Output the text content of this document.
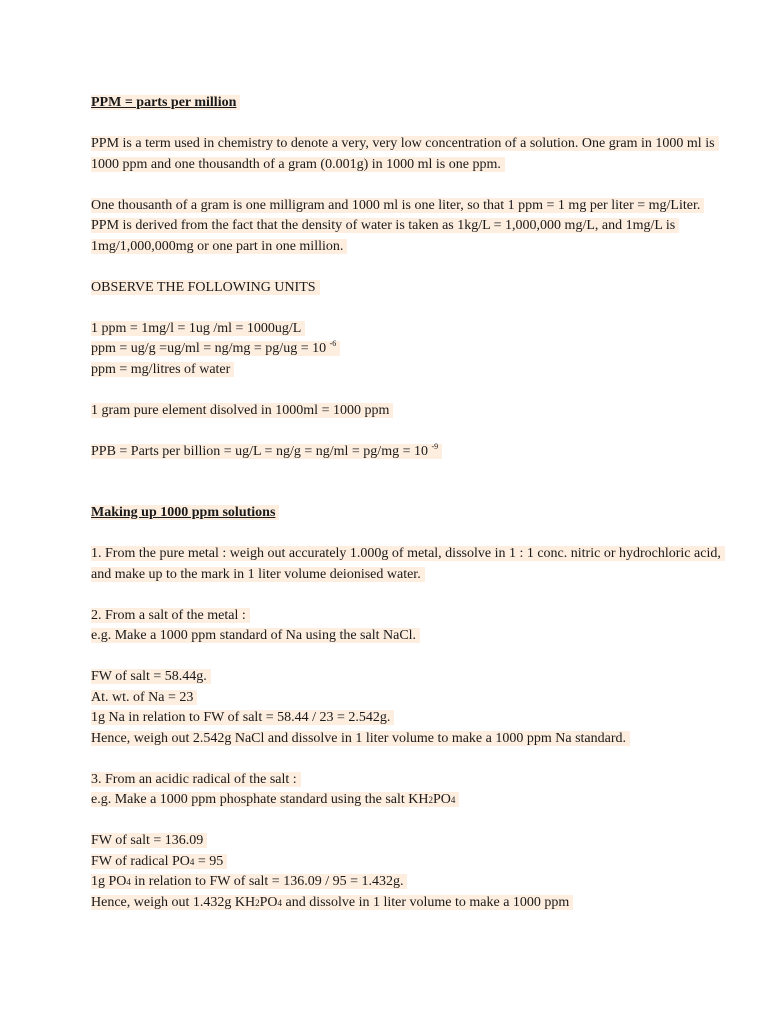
PPM = parts per million

PPM is a term used in chemistry to denote a very, very low concentration of a solution. One gram in 1000 ml is 1000 ppm and one thousandth of a gram (0.001g) in 1000 ml is one ppm.

One thousanth of a gram is one milligram and 1000 ml is one liter, so that 1 ppm = 1 mg per liter = mg/Liter.

PPM is derived from the fact that the density of water is taken as 1kg/L = 1,000,000 mg/L, and 1mg/L is 1mg/1,000,000mg or one part in one million.

OBSERVE THE FOLLOWING UNITS

1 ppm = 1mg/l = 1ug /ml = 1000ug/L

ppm = ug/g =ug/ml = ng/mg = pg/ug = 10 $^{-6}$

ppm = mg/litres of water

1 gram pure element disolved in 1000ml = 1000 ppm

PPB = Parts per billion = ug/L = ng/g = ng/ml = pg/mg = 10 $^{-9}$

Making up 1000 ppm solutions

1. From the pure metal : weigh out accurately 1.000g of metal, dissolve in 1 : 1 conc. nitric or hydrochloric acid, and make up to the mark in 1 liter volume deionised water.

2. From a salt of the metal :

e.g. Make a 1000 ppm standard of Na using the salt NaCl.

FW of salt = 58.44g.

At. wt. of Na = 23

1g Na in relation to FW of salt = 58.44 / 23 = 2.542g.

Hence, weigh out 2.542g NaCl and dissolve in 1 liter volume to make a 1000 ppm Na standard.

3. From an acidic radical of the salt :

e.g. Make a 1000 ppm phosphate standard using the salt KH2PO4

FW of salt = 136.09

FW of radical PO4 = 95

1g PO4 in relation to FW of salt = 136.09 / 95 = 1.432g.

Hence, weigh out 1.432g KH2PO4 and dissolve in 1 liter volume to make a 1000 ppm
